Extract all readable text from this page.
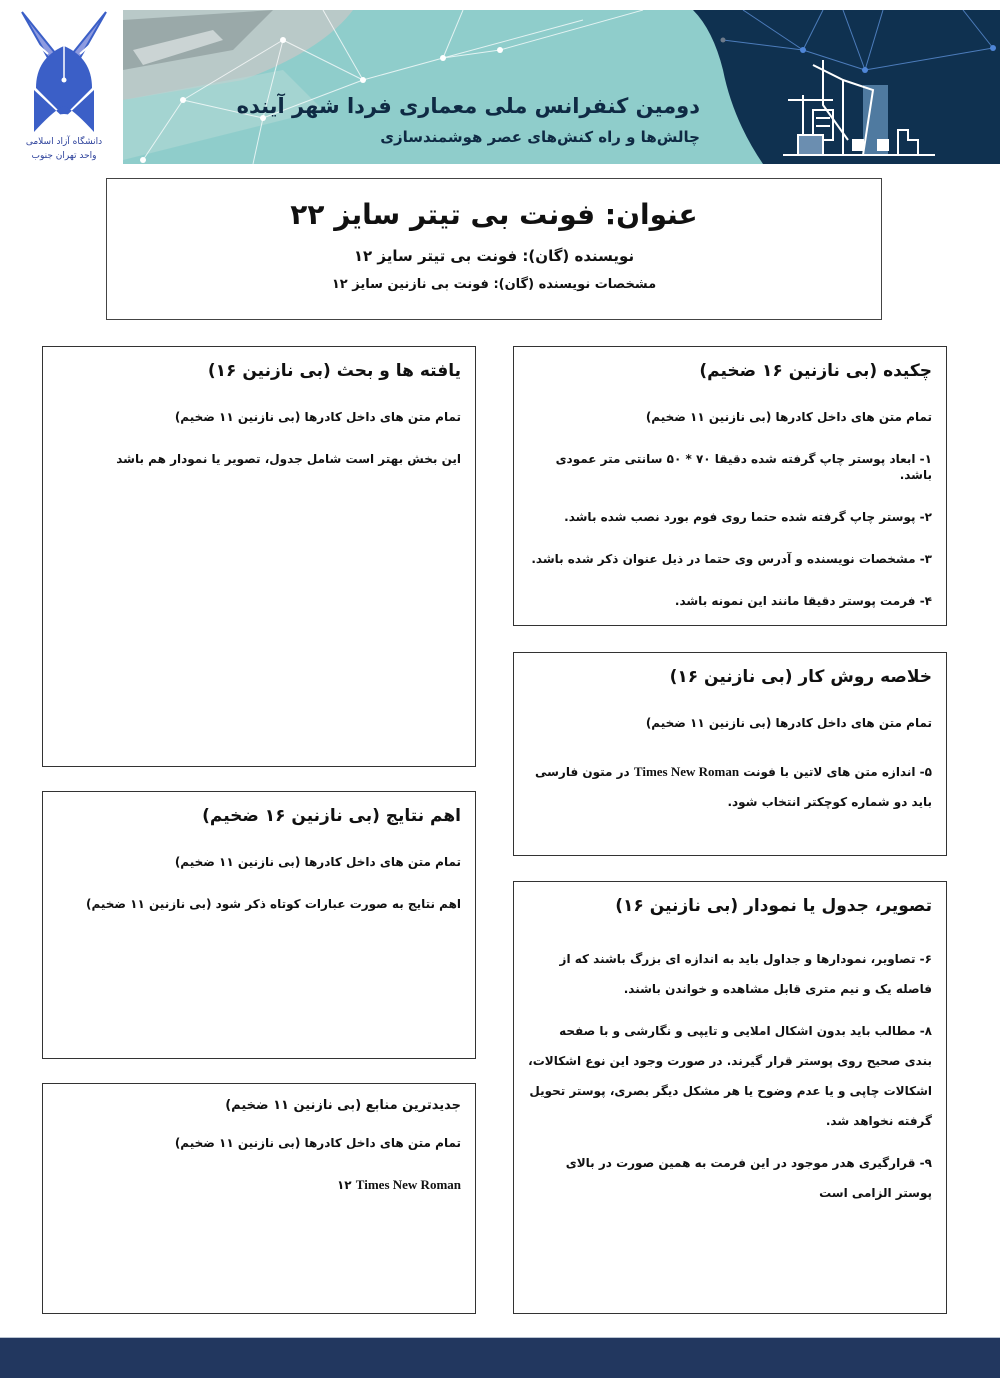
دانشگاه آزاد اسلامی
واحد تهران جنوب
دومین کنفرانس ملی معماری فردا شهر آینده
چالش‌ها و راه کنش‌های عصر هوشمندسازی
عنوان: فونت بی تیتر سایز ۲۲
نویسنده (گان): فونت بی تیتر سایز ۱۲
مشخصات نویسنده (گان): فونت بی نازنین سایز ۱۲
چکیده (بی نازنین ۱۶ ضخیم)

تمام متن های داخل کادرها (بی نازنین ۱۱ ضخیم)

۱- ابعاد پوستر چاپ گرفته شده دقیقا ۷۰ * ۵۰ سانتی متر عمودی باشد.

۲- پوستر چاپ گرفته شده حتما روی فوم بورد نصب شده باشد.

۳- مشخصات نویسنده و آدرس وی حتما در ذیل عنوان ذکر شده باشد.

۴- فرمت پوستر دقیقا مانند این نمونه باشد.

خلاصه روش کار (بی نازنین ۱۶)

تمام متن های داخل کادرها (بی نازنین ۱۱ ضخیم)

۵- اندازه متن های لاتین با فونت Times New Roman در متون فارسی باید دو شماره کوچکتر انتخاب شود.

تصویر، جدول یا نمودار (بی نازنین ۱۶)

۶- تصاویر، نمودارها و جداول باید به اندازه ای بزرگ باشند که از فاصله یک و نیم متری قابل مشاهده و خواندن باشند.

۸- مطالب باید بدون اشکال املایی و تایپی و نگارشی و با صفحه بندی صحیح روی پوستر قرار گیرند. در صورت وجود این نوع اشکالات، اشکالات چاپی و یا عدم وضوح یا هر مشکل دیگر بصری، پوستر تحویل گرفته نخواهد شد.

۹- قرارگیری هدر موجود در این فرمت به همین صورت در بالای پوستر الزامی است

یافته ها و بحث (بی نازنین ۱۶)

تمام متن های داخل کادرها (بی نازنین ۱۱ ضخیم)

این بخش بهتر است شامل جدول، تصویر یا نمودار هم باشد

اهم نتایج (بی نازنین ۱۶ ضخیم)

تمام متن های داخل کادرها (بی نازنین ۱۱ ضخیم)

اهم نتایج به صورت عبارات کوتاه ذکر شود (بی نازنین ۱۱ ضخیم)

جدیدترین منابع (بی نازنین ۱۱ ضخیم)

تمام متن های داخل کادرها (بی نازنین ۱۱ ضخیم)

Times New Roman ۱۲
